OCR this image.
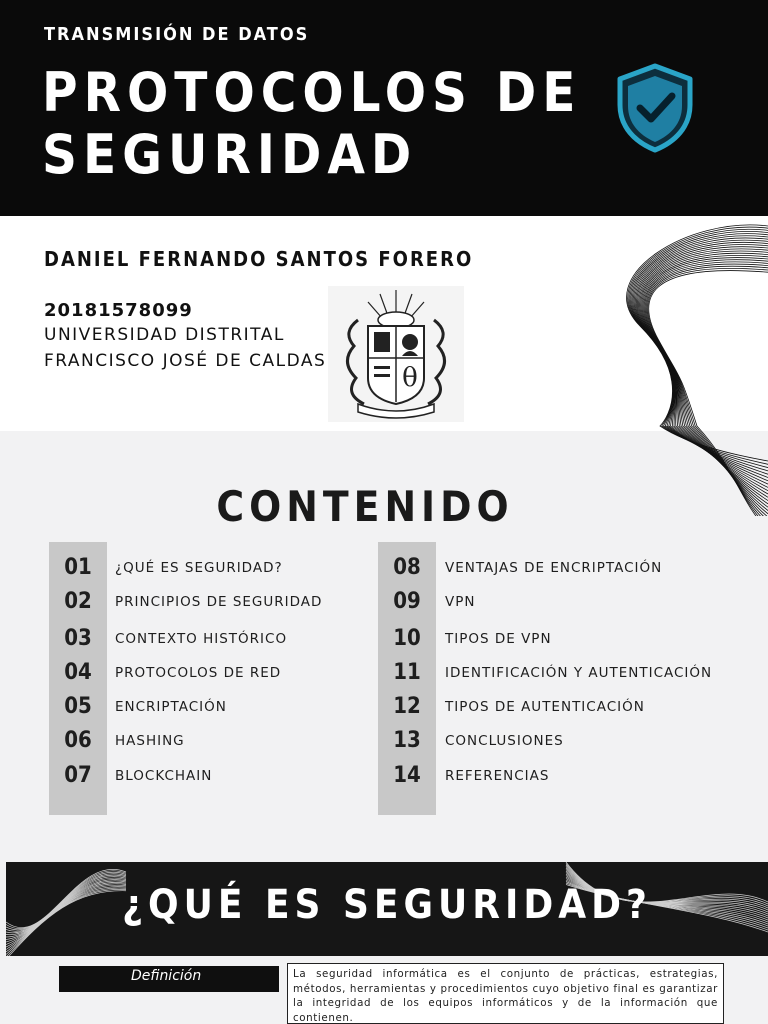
TRANSMISIÓN DE DATOS
PROTOCOLOS DE
SEGURIDAD
DANIEL FERNANDO SANTOS FORERO
20181578099
UNIVERSIDAD DISTRITAL
FRANCISCO JOSÉ DE CALDAS
θ
CONTENIDO
01	¿QUÉ ES SEGURIDAD?
02	PRINCIPIOS DE SEGURIDAD
03	CONTEXTO HISTÓRICO
04	PROTOCOLOS DE RED
05	ENCRIPTACIÓN
06	HASHING
07	BLOCKCHAIN
08	VENTAJAS DE ENCRIPTACIÓN
09	VPN
10	TIPOS DE VPN
11	IDENTIFICACIÓN Y AUTENTICACIÓN
12	TIPOS DE AUTENTICACIÓN
13	CONCLUSIONES
14	REFERENCIAS
¿QUÉ ES SEGURIDAD?
Definición	La seguridad informática es el conjunto de prácticas, estrategias, métodos, herramientas y procedimientos cuyo objetivo final es garantizar la integridad de los equipos informáticos y de la información que contienen.
